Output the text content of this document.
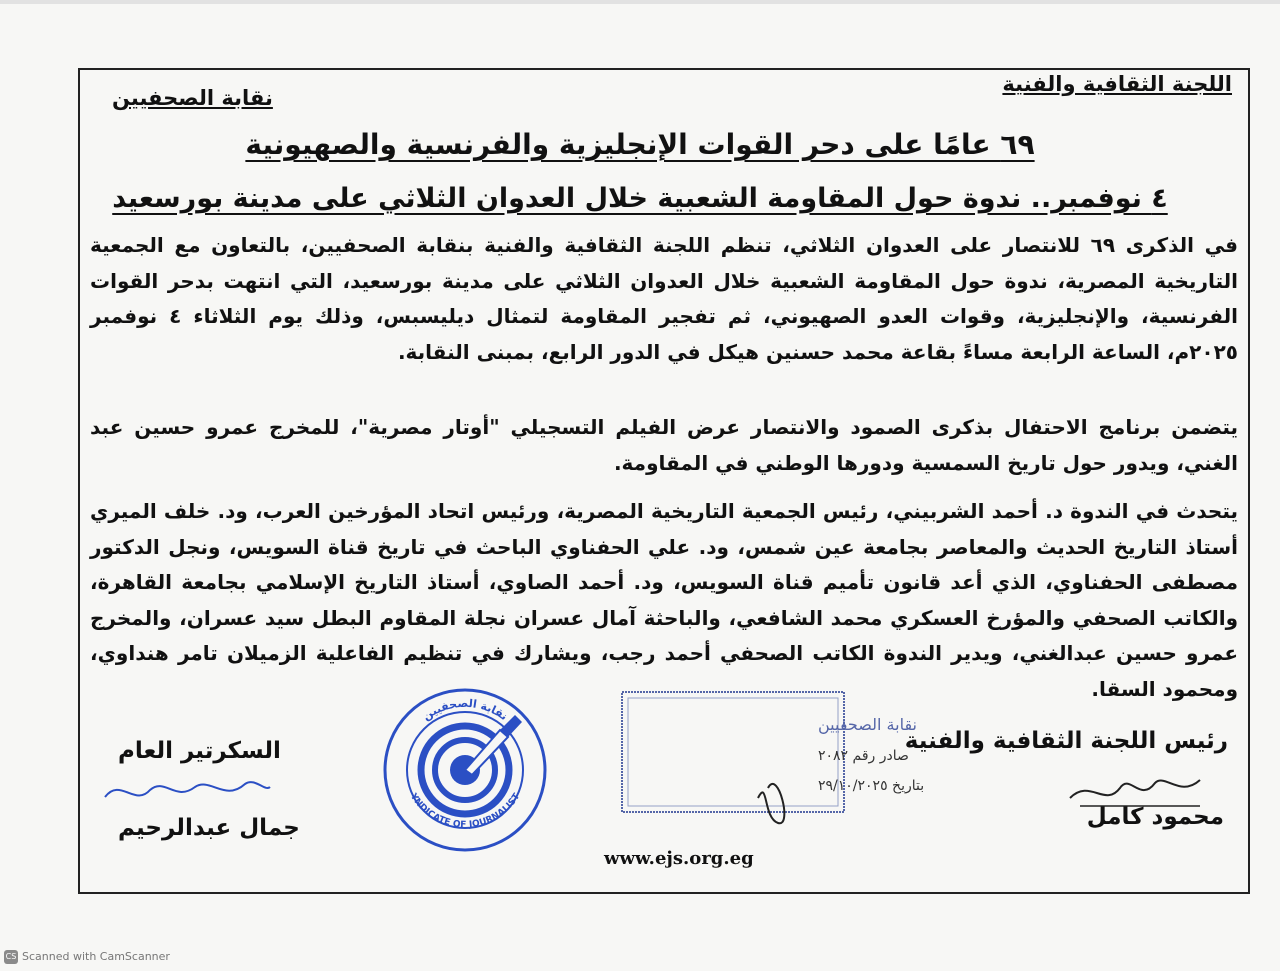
اللجنة الثقافية والفنية
نقابة الصحفيين
٦٩ عامًا على دحر القوات الإنجليزية والفرنسية والصهيونية
٤ نوفمبر.. ندوة حول المقاومة الشعبية خلال العدوان الثلاثي على مدينة بورسعيد

في الذكرى ٦٩ للانتصار على العدوان الثلاثي، تنظم اللجنة الثقافية والفنية بنقابة الصحفيين، بالتعاون مع الجمعية التاريخية المصرية، ندوة حول المقاومة الشعبية خلال العدوان الثلاثي على مدينة بورسعيد، التي انتهت بدحر القوات الفرنسية، والإنجليزية، وقوات العدو الصهيوني، ثم تفجير المقاومة لتمثال ديليسبس، وذلك يوم الثلاثاء ٤ نوفمبر ٢٠٢٥م، الساعة الرابعة مساءً بقاعة محمد حسنين هيكل في الدور الرابع، بمبنى النقابة.

يتضمن برنامج الاحتفال بذكرى الصمود والانتصار عرض الفيلم التسجيلي "أوتار مصرية"، للمخرج عمرو حسين عبد الغني، ويدور حول تاريخ السمسية ودورها الوطني في المقاومة.

يتحدث في الندوة د. أحمد الشربيني، رئيس الجمعية التاريخية المصرية، ورئيس اتحاد المؤرخين العرب، ود. خلف الميري أستاذ التاريخ الحديث والمعاصر بجامعة عين شمس، ود. علي الحفناوي الباحث في تاريخ قناة السويس، ونجل الدكتور مصطفى الحفناوي، الذي أعد قانون تأميم قناة السويس، ود. أحمد الصاوي، أستاذ التاريخ الإسلامي بجامعة القاهرة، والكاتب الصحفي والمؤرخ العسكري محمد الشافعي، والباحثة آمال عسران نجلة المقاوم البطل سيد عسران، والمخرج عمرو حسين عبدالغني، ويدير الندوة الكاتب الصحفي أحمد رجب، ويشارك في تنظيم الفاعلية الزميلان تامر هنداوي، ومحمود السقا.

نقابة الصحفيين
YNDICATE OF JOURNALIST
نقابة الصحفيين
صادر رقم ٢٠٨٢
بتاريخ ٢٩/١٠/٢٠٢٥
رئيس اللجنة الثقافية والفنية
محمود كامل
السكرتير العام
جمال عبدالرحيم
www.ejs.org.eg
CS Scanned with CamScanner
